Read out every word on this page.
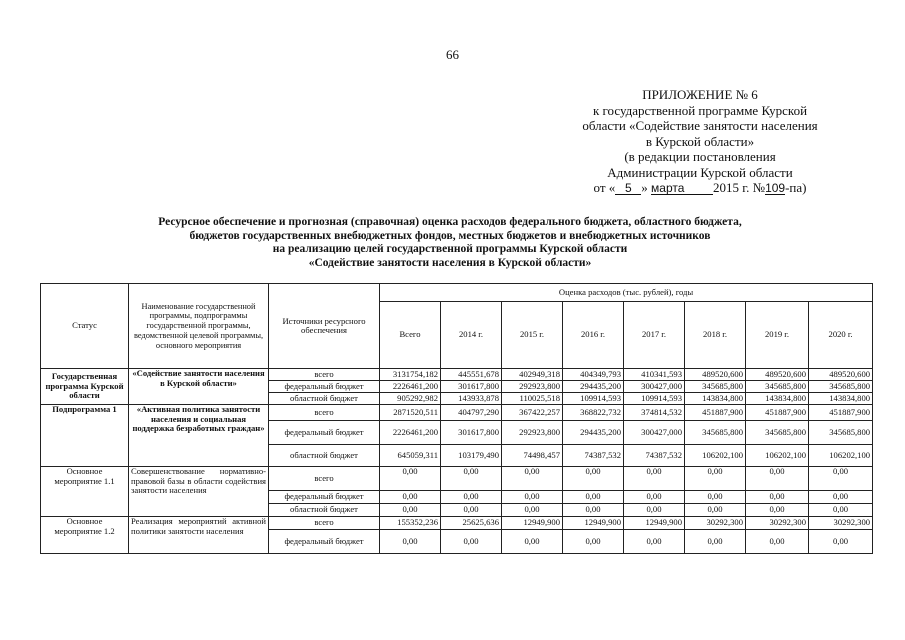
66
ПРИЛОЖЕНИЕ № 6
к государственной программе Курской
области «Содействие занятости населения
в Курской области»
(в редакции постановления
Администрации Курской области
от « 5 » марта 2015 г. №109-па)
Ресурсное обеспечение и прогнозная (справочная) оценка расходов федерального бюджета, областного бюджета,
бюджетов государственных внебюджетных фондов, местных бюджетов и внебюджетных источников
на реализацию целей государственной программы Курской области
«Содействие занятости населения в Курской области»
Статус	Наименование государственной программы, подпрограммы государственной программы, ведомственной целевой программы, основного мероприятия	Источники ресурсного обеспечения	Оценка расходов (тыс. рублей), годы							
			Всего	2014 г.	2015 г.	2016 г.	2017 г.	2018 г.	2019 г.	2020 г.
Государственная программа Курской области	«Содействие занятости населения в Курской области»	всего	3131754,182	445551,678	402949,318	404349,793	410341,593	489520,600	489520,600	489520,600
		федеральный бюджет	2226461,200	301617,800	292923,800	294435,200	300427,000	345685,800	345685,800	345685,800
		областной бюджет	905292,982	143933,878	110025,518	109914,593	109914,593	143834,800	143834,800	143834,800
Подпрограмма 1	«Активная политика занятости населения и социальная поддержка безработных граждан»	всего	2871520,511	404797,290	367422,257	368822,732	374814,532	451887,900	451887,900	451887,900
		федеральный бюджет	2226461,200	301617,800	292923,800	294435,200	300427,000	345685,800	345685,800	345685,800
		областной бюджет	645059,311	103179,490	74498,457	74387,532	74387,532	106202,100	106202,100	106202,100
Основное мероприятие 1.1	Совершенствование нормативно-правовой базы в области содействия занятости населения	всего	0,00	0,00	0,00	0,00	0,00	0,00	0,00	0,00
		федеральный бюджет	0,00	0,00	0,00	0,00	0,00	0,00	0,00	0,00
		областной бюджет	0,00	0,00	0,00	0,00	0,00	0,00	0,00	0,00
Основное мероприятие 1.2	Реализация мероприятий активной политики занятости населения	всего	155352,236	25625,636	12949,900	12949,900	12949,900	30292,300	30292,300	30292,300
		федеральный бюджет	0,00	0,00	0,00	0,00	0,00	0,00	0,00	0,00
